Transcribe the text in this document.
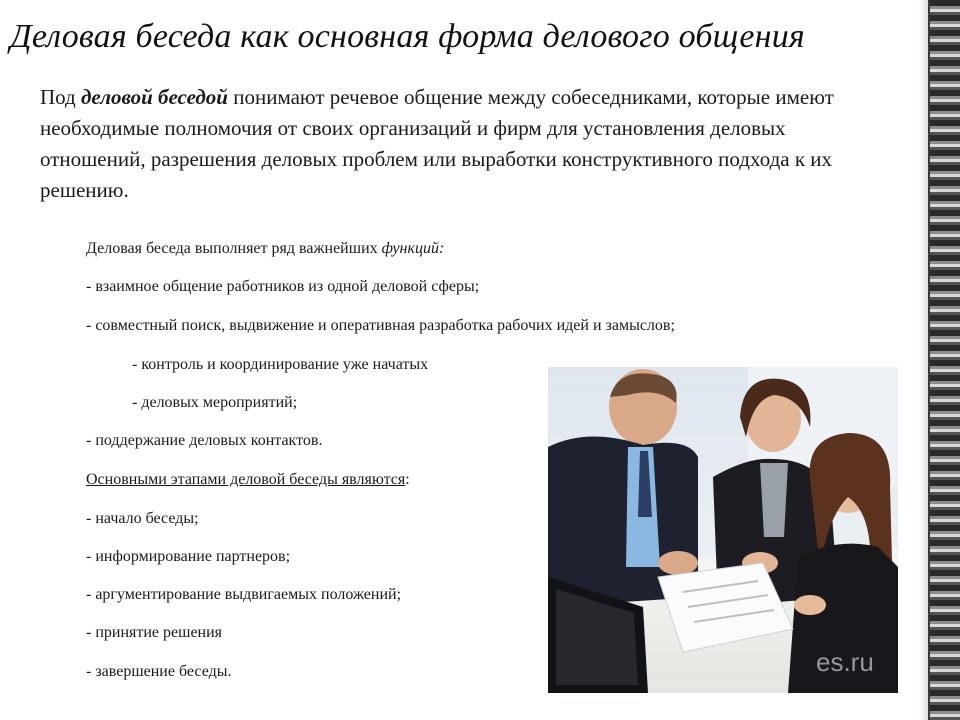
Деловая беседа как основная форма делового общения
Под деловой беседой понимают речевое общение между собеседниками, которые имеют необходимые полномочия от своих организаций и фирм для установления деловых отношений, разрешения деловых проблем или выработки конструктивного подхода к их решению.
Деловая беседа выполняет ряд важнейших функций:
- взаимное общение работников из одной деловой сферы;
- совместный поиск, выдвижение и оперативная разработка рабочих идей и замыслов;
- контроль и координирование уже начатых
- деловых мероприятий;
- поддержание деловых контактов.
Основными этапами деловой беседы являются:
- начало беседы;
- информирование партнеров;
- аргументирование выдвигаемых положений;
- принятие решения
- завершение беседы.	es.ru
